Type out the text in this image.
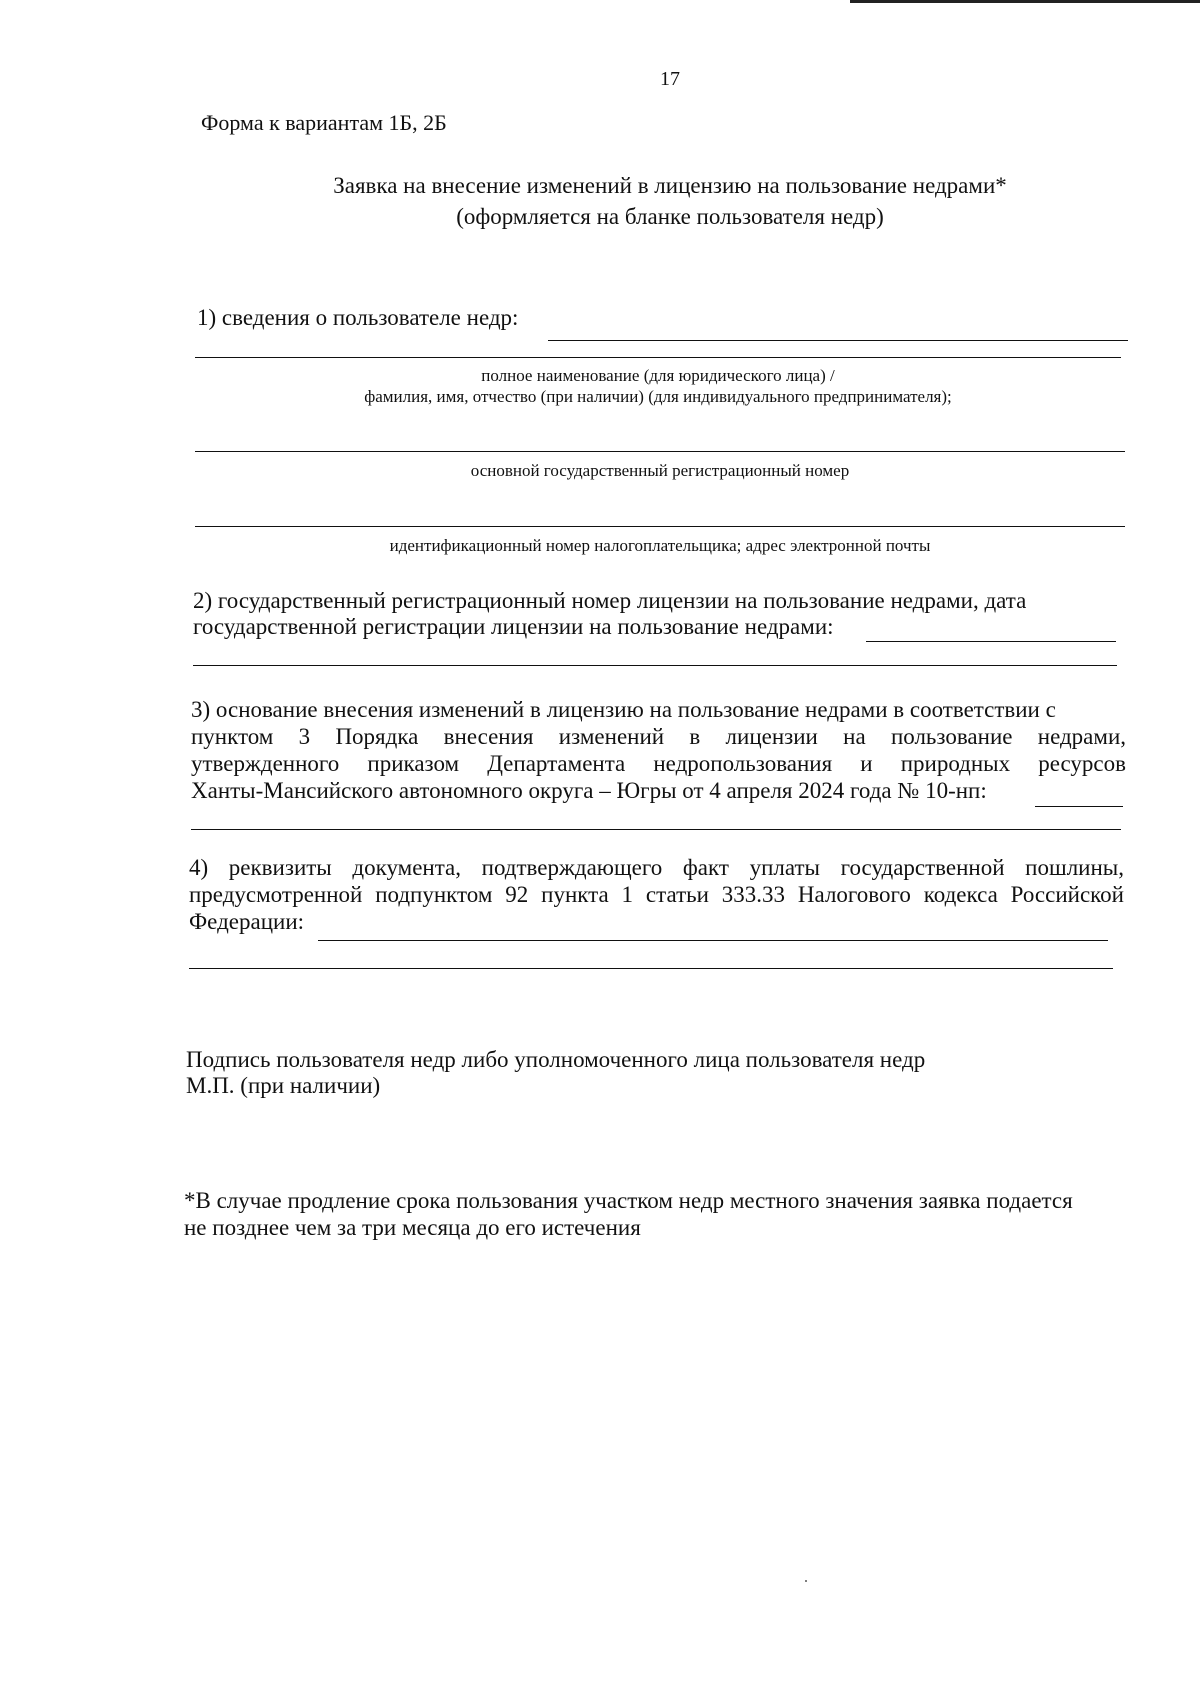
17
Форма к вариантам 1Б, 2Б
Заявка на внесение изменений в лицензию на пользование недрами*
(оформляется на бланке пользователя недр)
1) сведения о пользователе недр:
полное наименование (для юридического лица) /
фамилия, имя, отчество (при наличии) (для индивидуального предпринимателя);
основной государственный регистрационный номер
идентификационный номер налогоплательщика; адрес электронной почты
2) государственный регистрационный номер лицензии на пользование недрами, дата
государственной регистрации лицензии на пользование недрами:
3) основание внесения изменений в лицензию на пользование недрами в соответствии с
пунктом 3 Порядка внесения изменений в лицензии на пользование недрами,
утвержденного приказом Департамента недропользования и природных ресурсов
Ханты-Мансийского автономного округа – Югры от 4 апреля 2024 года № 10-нп:
4) реквизиты документа, подтверждающего факт уплаты государственной пошлины,
предусмотренной подпунктом 92 пункта 1 статьи 333.33 Налогового кодекса Российской
Федерации:
Подпись пользователя недр либо уполномоченного лица пользователя недр
М.П. (при наличии)
*В случае продление срока пользования участком недр местного значения заявка подается
не позднее чем за три месяца до его истечения
